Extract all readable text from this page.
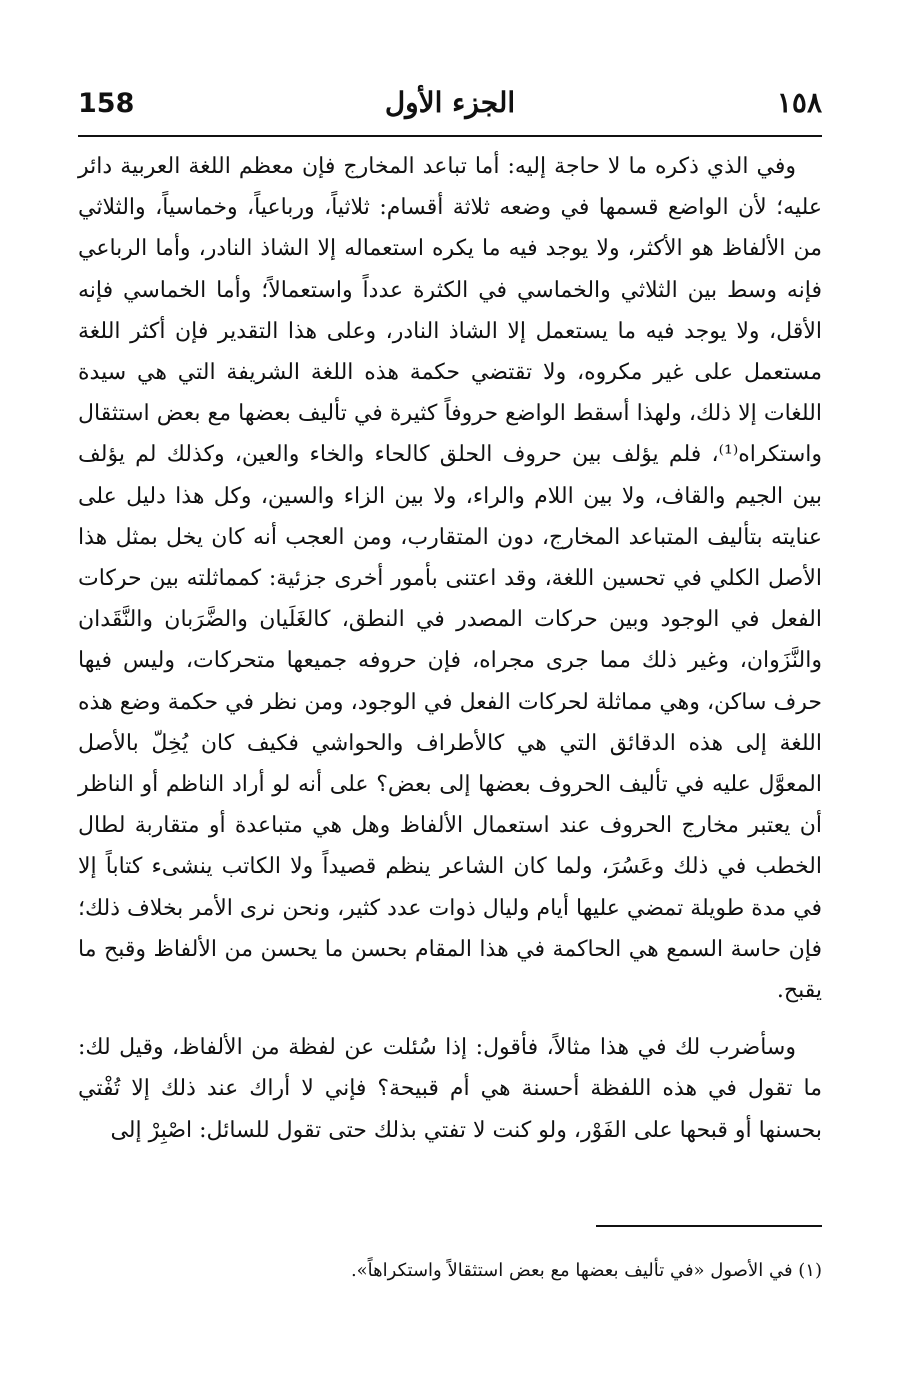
158	الجزء الأول	١٥٨

وفي الذي ذكره ما لا حاجة إليه: أما تباعد المخارج فإن معظم اللغة العربية دائر عليه؛ لأن الواضع قسمها في وضعه ثلاثة أقسام: ثلاثياً، ورباعياً، وخماسياً، والثلاثي من الألفاظ هو الأكثر، ولا يوجد فيه ما يكره استعماله إلا الشاذ النادر، وأما الرباعي فإنه وسط بين الثلاثي والخماسي في الكثرة عدداً واستعمالاً؛ وأما الخماسي فإنه الأقل، ولا يوجد فيه ما يستعمل إلا الشاذ النادر، وعلى هذا التقدير فإن أكثر اللغة مستعمل على غير مكروه، ولا تقتضي حكمة هذه اللغة الشريفة التي هي سيدة اللغات إلا ذلك، ولهذا أسقط الواضع حروفاً كثيرة في تأليف بعضها مع بعض استثقال واستكراه⁽¹⁾، فلم يؤلف بين حروف الحلق كالحاء والخاء والعين، وكذلك لم يؤلف بين الجيم والقاف، ولا بين اللام والراء، ولا بين الزاء والسين، وكل هذا دليل على عنايته بتأليف المتباعد المخارج، دون المتقارب، ومن العجب أنه كان يخل بمثل هذا الأصل الكلي في تحسين اللغة، وقد اعتنى بأمور أخرى جزئية: كمماثلته بين حركات الفعل في الوجود وبين حركات المصدر في النطق، كالغَلَيان والضَّرَبان والنَّقَدان والنَّزَوان، وغير ذلك مما جرى مجراه، فإن حروفه جميعها متحركات، وليس فيها حرف ساكن، وهي مماثلة لحركات الفعل في الوجود، ومن نظر في حكمة وضع هذه اللغة إلى هذه الدقائق التي هي كالأطراف والحواشي فكيف كان يُخِلّ بالأصل المعوَّل عليه في تأليف الحروف بعضها إلى بعض؟ على أنه لو أراد الناظم أو الناظر أن يعتبر مخارج الحروف عند استعمال الألفاظ وهل هي متباعدة أو متقاربة لطال الخطب في ذلك وعَسُرَ، ولما كان الشاعر ينظم قصيداً ولا الكاتب ينشىء كتاباً إلا في مدة طويلة تمضي عليها أيام وليال ذوات عدد كثير، ونحن نرى الأمر بخلاف ذلك؛ فإن حاسة السمع هي الحاكمة في هذا المقام بحسن ما يحسن من الألفاظ وقبح ما يقبح.

وسأضرب لك في هذا مثالاً، فأقول: إذا سُئلت عن لفظة من الألفاظ، وقيل لك: ما تقول في هذه اللفظة أحسنة هي أم قبيحة؟ فإني لا أراك عند ذلك إلا تُفْتي بحسنها أو قبحها على الفَوْر، ولو كنت لا تفتي بذلك حتى تقول للسائل: اصْبِرْ إلى

(١) في الأصول «في تأليف بعضها مع بعض استثقالاً واستكراهاً».
